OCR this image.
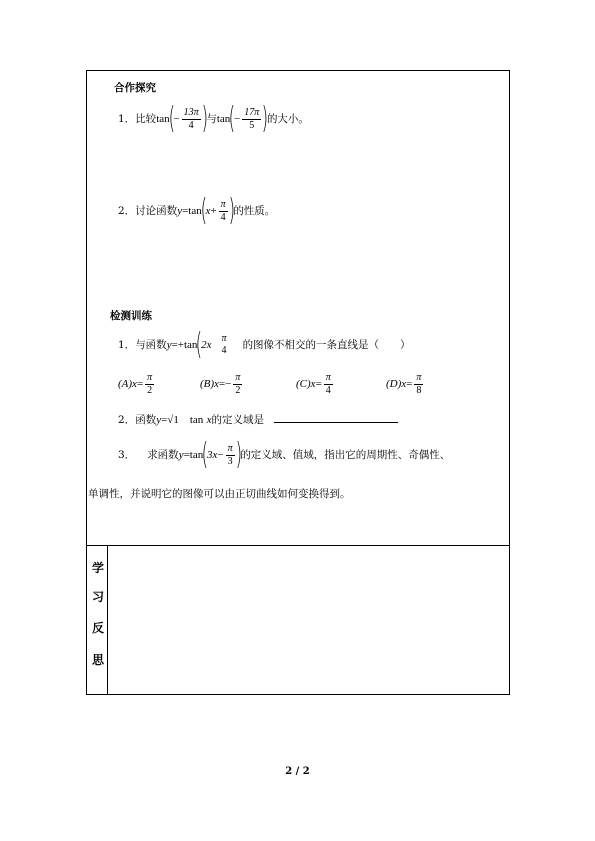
学
习
反
思
合作探究
1．比较$\tan(- \frac{13\pi}{4}$ )与$\tan(- \frac{17\pi}{5}$ )的大小。
2．讨论函数$y=\tan(x+ \frac{\pi}{4}$ )的性质。
检测训练
1．与函数y=+tan(2x
π
4 的图像不相交的一条直线是（　　）
$(A)x= \frac{\pi}{2}$	$(B)x=- \frac{\pi}{2}$	$(C)x= \frac{\pi}{4}$	$(D)x= \frac{\pi}{8}$
2．函数y=√1　tan x的定义域是
3． 求函数$y=\tan(3x- \frac{\pi}{3}$ )的定义域、值域，指出它的周期性、奇偶性、
单调性，并说明它的图像可以由正切曲线如何变换得到。
2 / 2
